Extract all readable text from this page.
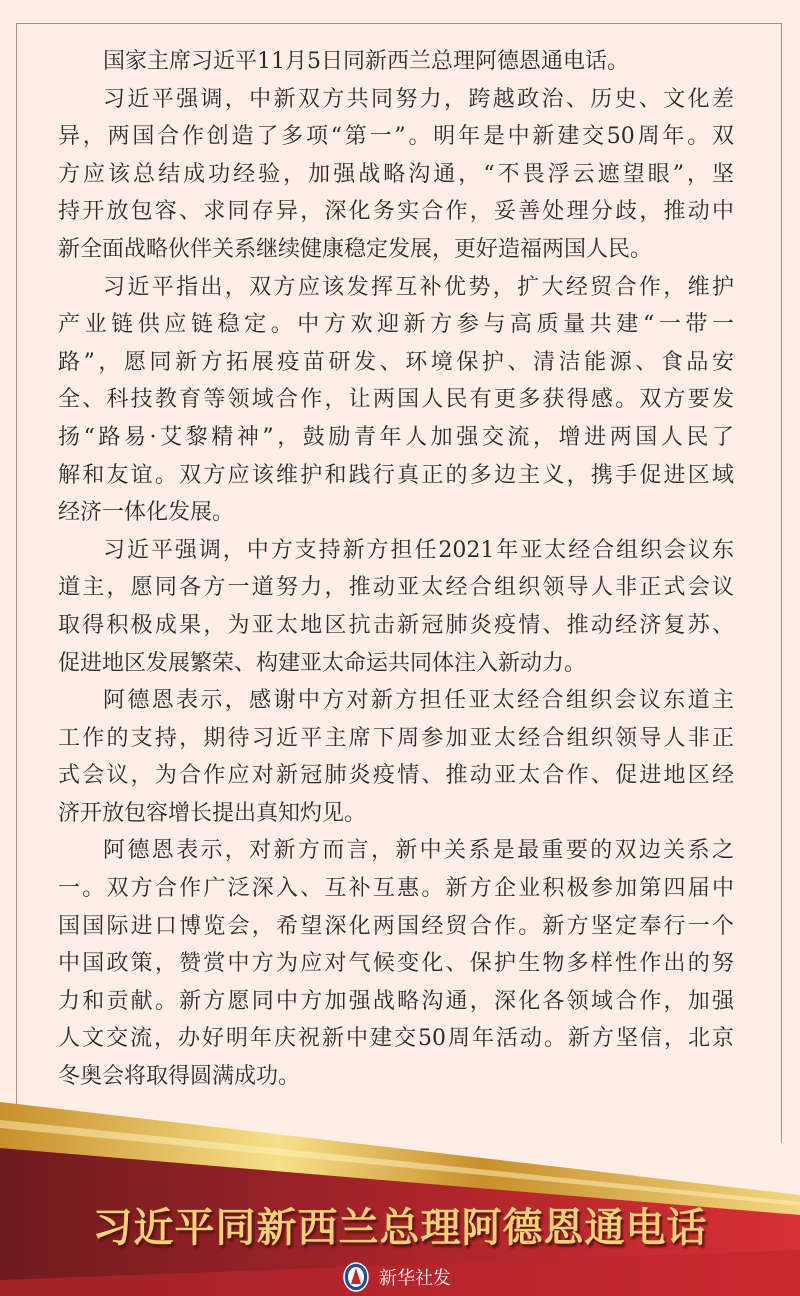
国家主席习近平11月5日同新西兰总理阿德恩通电话。
习近平强调，中新双方共同努力，跨越政治、历史、文化差
异，两国合作创造了多项“第一”。明年是中新建交50周年。双
方应该总结成功经验，加强战略沟通，“不畏浮云遮望眼”，坚
持开放包容、求同存异，深化务实合作，妥善处理分歧，推动中
新全面战略伙伴关系继续健康稳定发展，更好造福两国人民。
习近平指出，双方应该发挥互补优势，扩大经贸合作，维护
产业链供应链稳定。中方欢迎新方参与高质量共建“一带一
路”，愿同新方拓展疫苗研发、环境保护、清洁能源、食品安
全、科技教育等领域合作，让两国人民有更多获得感。双方要发
扬“路易·艾黎精神”，鼓励青年人加强交流，增进两国人民了
解和友谊。双方应该维护和践行真正的多边主义，携手促进区域
经济一体化发展。
习近平强调，中方支持新方担任2021年亚太经合组织会议东
道主，愿同各方一道努力，推动亚太经合组织领导人非正式会议
取得积极成果，为亚太地区抗击新冠肺炎疫情、推动经济复苏、
促进地区发展繁荣、构建亚太命运共同体注入新动力。
阿德恩表示，感谢中方对新方担任亚太经合组织会议东道主
工作的支持，期待习近平主席下周参加亚太经合组织领导人非正
式会议，为合作应对新冠肺炎疫情、推动亚太合作、促进地区经
济开放包容增长提出真知灼见。
阿德恩表示，对新方而言，新中关系是最重要的双边关系之
一。双方合作广泛深入、互补互惠。新方企业积极参加第四届中
国国际进口博览会，希望深化两国经贸合作。新方坚定奉行一个
中国政策，赞赏中方为应对气候变化、保护生物多样性作出的努
力和贡献。新方愿同中方加强战略沟通，深化各领域合作，加强
人文交流，办好明年庆祝新中建交50周年活动。新方坚信，北京
冬奥会将取得圆满成功。
习近平同新西兰总理阿德恩通电话
新华社发
